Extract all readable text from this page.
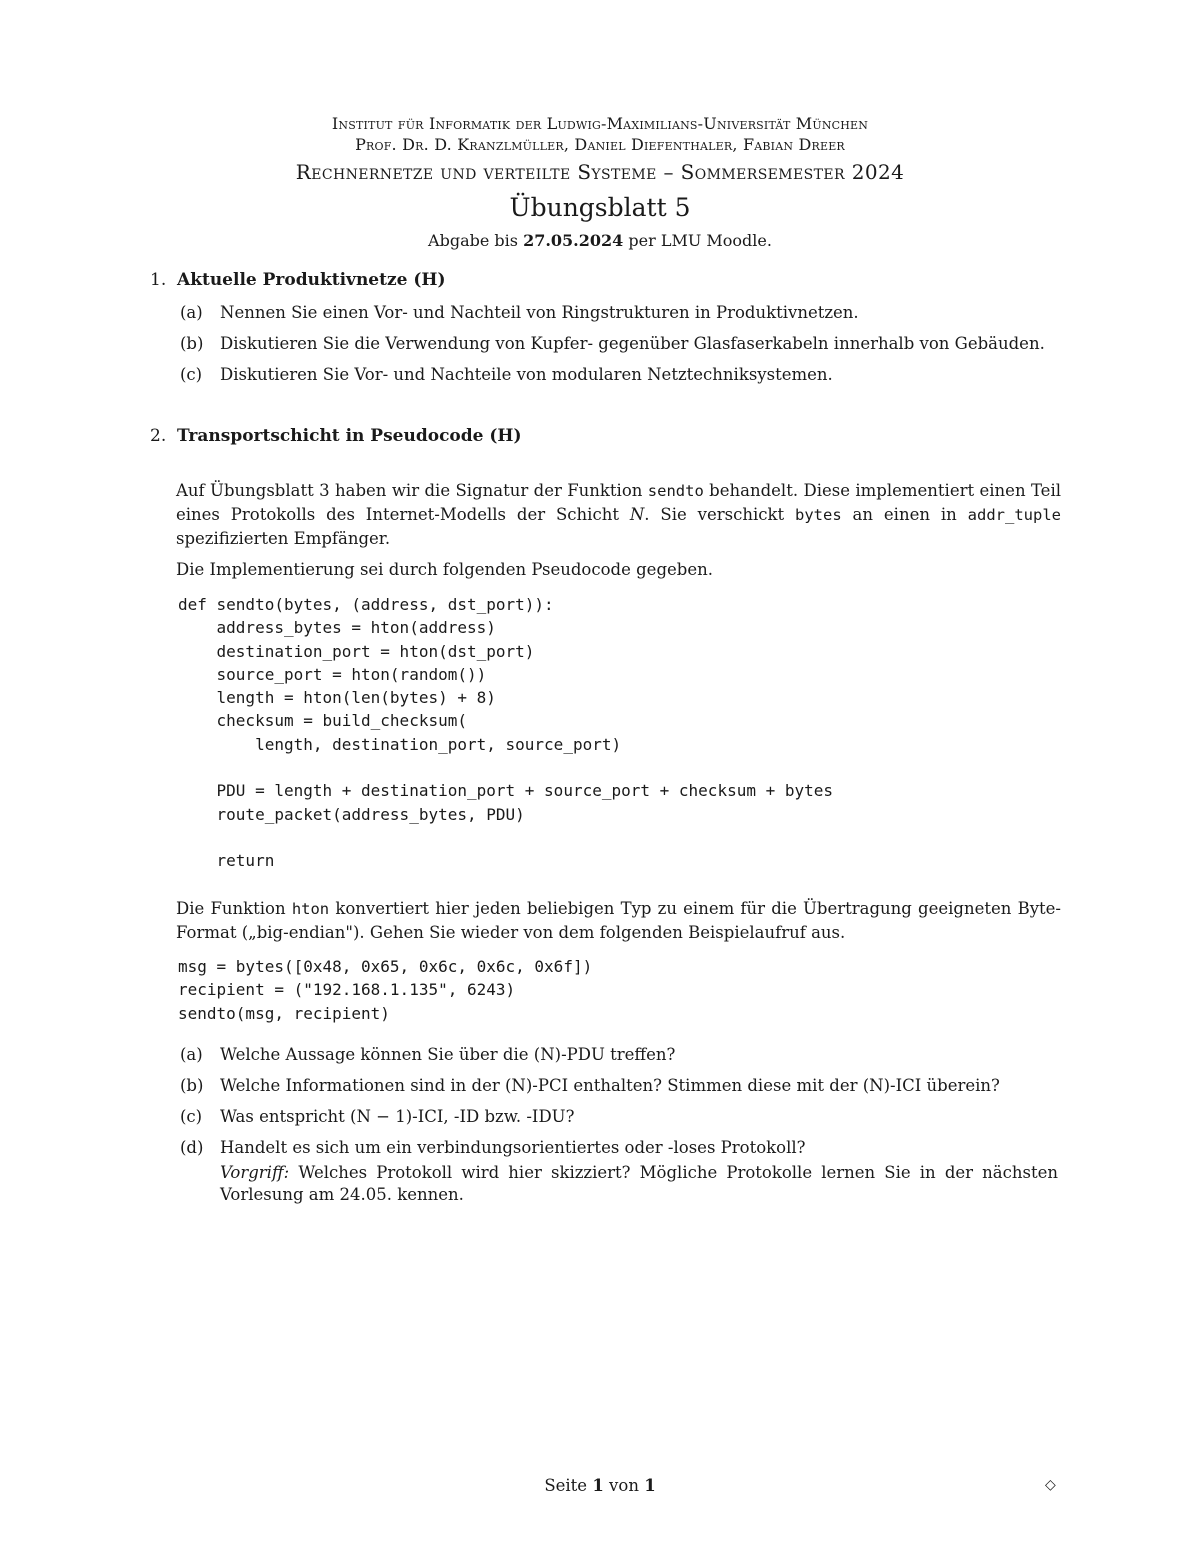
Institut für Informatik der Ludwig-Maximilians-Universität München
Prof. Dr. D. Kranzlmüller, Daniel Diefenthaler, Fabian Dreer
Rechnernetze und verteilte Systeme – Sommersemester 2024
Übungsblatt 5
Abgabe bis 27.05.2024 per LMU Moodle.
1. Aktuelle Produktivnetze (H)
(a) Nennen Sie einen Vor- und Nachteil von Ringstrukturen in Produktivnetzen.
(b) Diskutieren Sie die Verwendung von Kupfer- gegenüber Glasfaserkabeln innerhalb von Gebäuden.
(c) Diskutieren Sie Vor- und Nachteile von modularen Netztechniksystemen.
2. Transportschicht in Pseudocode (H)
Auf Übungsblatt 3 haben wir die Signatur der Funktion sendto behandelt. Diese implementiert einen Teil eines Protokolls des Internet-Modells der Schicht N. Sie verschickt bytes an einen in addr_tuple spezifizierten Empfänger.
Die Implementierung sei durch folgenden Pseudocode gegeben.
def sendto(bytes, (address, dst_port)):
address_bytes = hton(address)
destination_port = hton(dst_port)
source_port = hton(random())
length = hton(len(bytes) + 8)
checksum = build_checksum(
length, destination_port, source_port)

PDU = length + destination_port + source_port + checksum + bytes
route_packet(address_bytes, PDU)

return
Die Funktion hton konvertiert hier jeden beliebigen Typ zu einem für die Übertragung geeigneten Byte-Format („big-endian"). Gehen Sie wieder von dem folgenden Beispielaufruf aus.
msg = bytes([0x48, 0x65, 0x6c, 0x6c, 0x6f])
recipient = ("192.168.1.135", 6243)
sendto(msg, recipient)
(a) Welche Aussage können Sie über die (N)-PDU treffen?
(b) Welche Informationen sind in der (N)-PCI enthalten? Stimmen diese mit der (N)-ICI überein?
(c) Was entspricht (N − 1)-ICI, -ID bzw. -IDU?
(d) Handelt es sich um ein verbindungsorientiertes oder -loses Protokoll?
Vorgriff: Welches Protokoll wird hier skizziert? Mögliche Protokolle lernen Sie in der nächsten Vorlesung am 24.05. kennen.
Seite 1 von 1	◇
